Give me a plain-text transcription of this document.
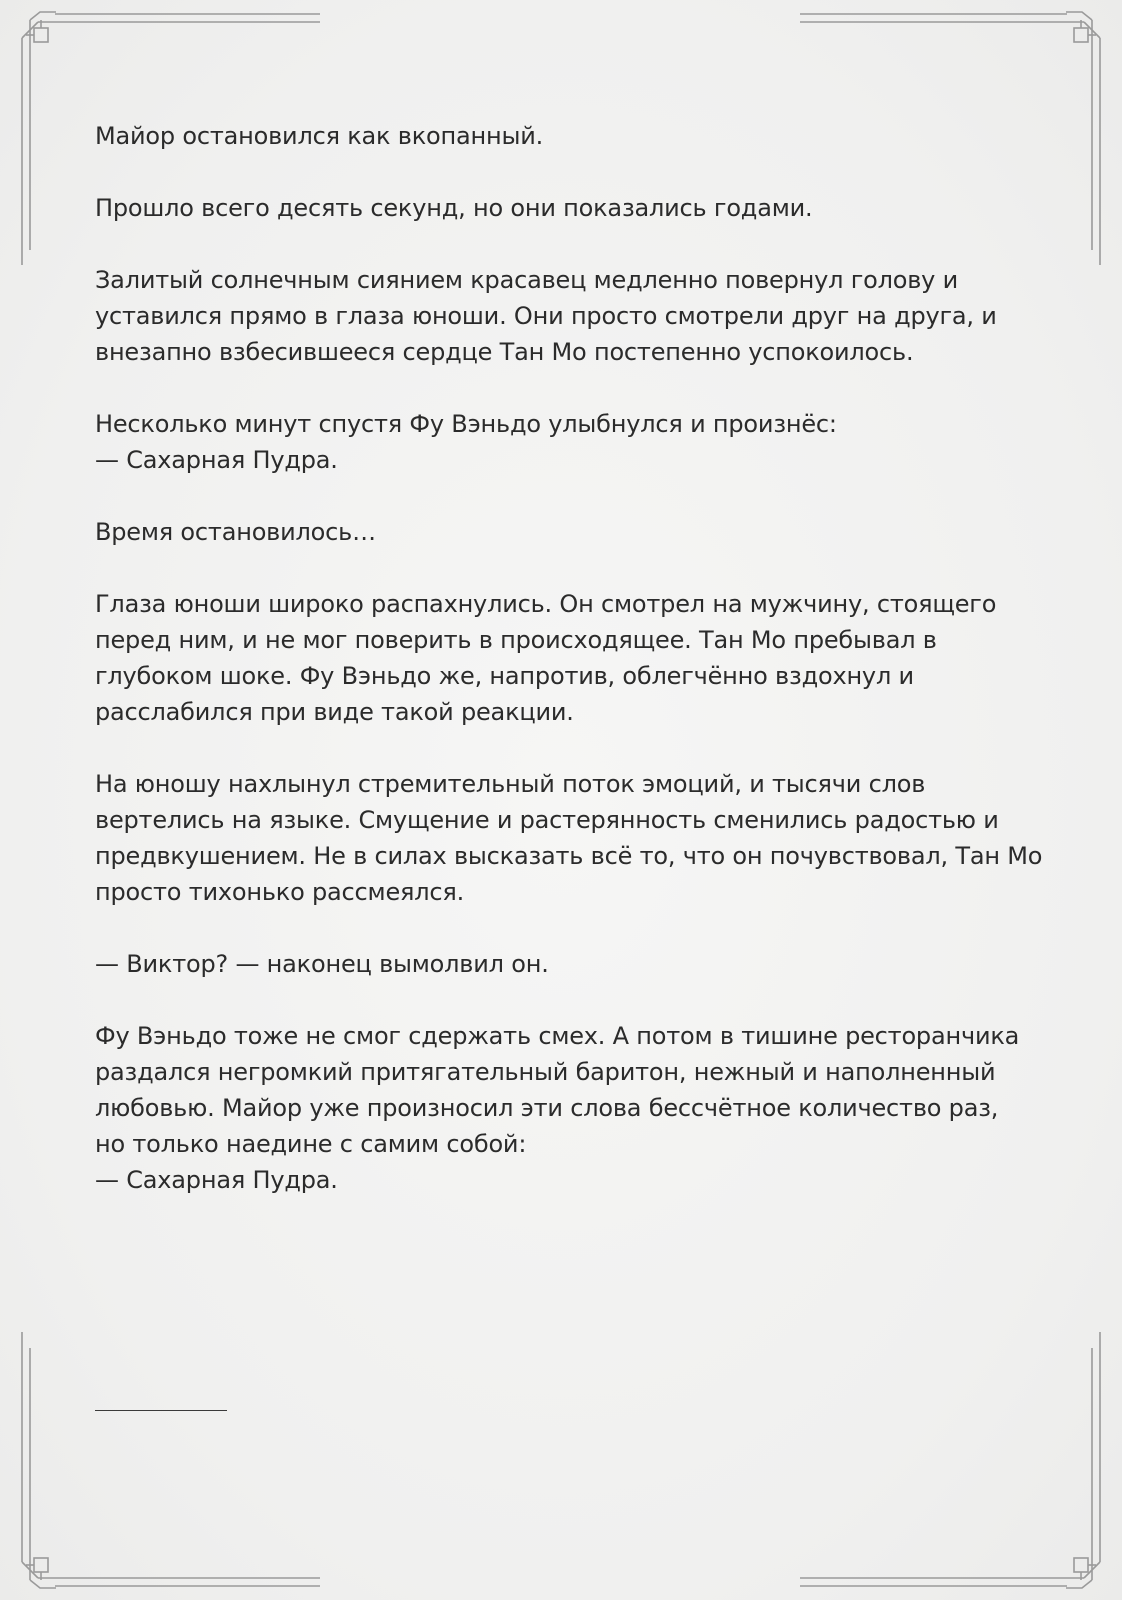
Майор остановился как вкопанный.

Прошло всего десять секунд, но они показались годами.

Залитый солнечным сиянием красавец медленно повернул голову и
уставился прямо в глаза юноши. Они просто смотрели друг на друга, и
внезапно взбесившееся сердце Тан Мо постепенно успокоилось.

Несколько минут спустя Фу Вэньдо улыбнулся и произнёс:
— Сахарная Пудра.

Время остановилось…

Глаза юноши широко распахнулись. Он смотрел на мужчину, стоящего
перед ним, и не мог поверить в происходящее. Тан Мо пребывал в
глубоком шоке. Фу Вэньдо же, напротив, облегчённо вздохнул и
расслабился при виде такой реакции.

На юношу нахлынул стремительный поток эмоций, и тысячи слов
вертелись на языке. Смущение и растерянность сменились радостью и
предвкушением. Не в силах высказать всё то, что он почувствовал, Тан Мо
просто тихонько рассмеялся.

— Виктор? — наконец вымолвил он.

Фу Вэньдо тоже не смог сдержать смех. А потом в тишине ресторанчика
раздался негромкий притягательный баритон, нежный и наполненный
любовью. Майор уже произносил эти слова бессчётное количество раз,
но только наедине с самим собой:
— Сахарная Пудра.
